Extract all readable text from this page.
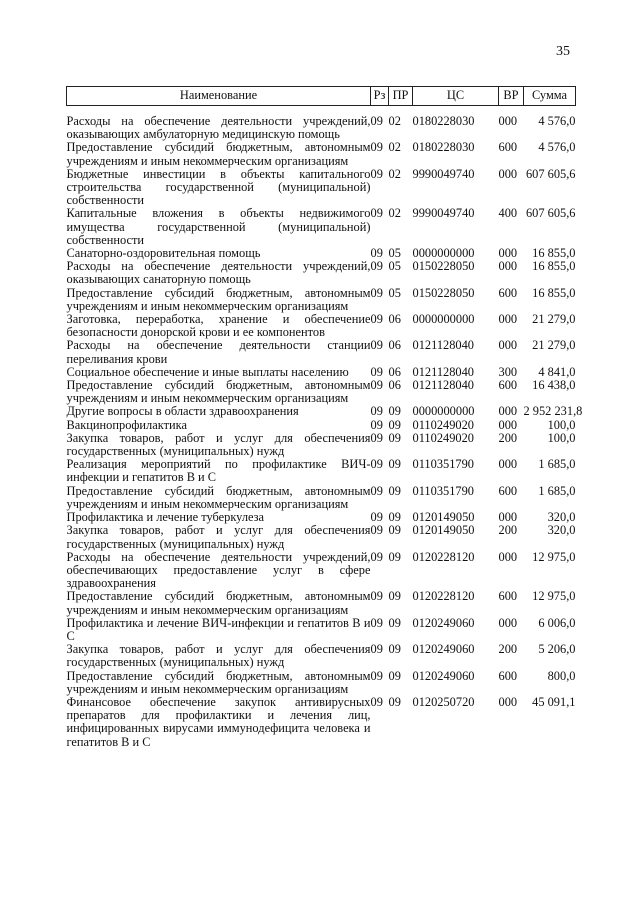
35
Наименование	Рз	ПР	ЦС	ВР	Сумма

Расходы на обеспечение деятельности учреждений, оказывающих амбулаторную медицинскую помощь	09	02	0180228030	000	4 576,0
Предоставление субсидий бюджетным, автономным учреждениям и иным некоммерческим организациям	09	02	0180228030	600	4 576,0
Бюджетные инвестиции в объекты капитального строительства государственной (муниципальной) собственности	09	02	9990049740	000	607 605,6
Капитальные вложения в объекты недвижимого имущества государственной (муниципальной) собственности	09	02	9990049740	400	607 605,6
Санаторно-оздоровительная помощь	09	05	0000000000	000	16 855,0
Расходы на обеспечение деятельности учреждений, оказывающих санаторную помощь	09	05	0150228050	000	16 855,0
Предоставление субсидий бюджетным, автономным учреждениям и иным некоммерческим организациям	09	05	0150228050	600	16 855,0
Заготовка, переработка, хранение и обеспечение безопасности донорской крови и ее компонентов	09	06	0000000000	000	21 279,0
Расходы на обеспечение деятельности станции переливания крови	09	06	0121128040	000	21 279,0
Социальное обеспечение и иные выплаты населению	09	06	0121128040	300	4 841,0
Предоставление субсидий бюджетным, автономным учреждениям и иным некоммерческим организациям	09	06	0121128040	600	16 438,0
Другие вопросы в области здравоохранения	09	09	0000000000	000	2 952 231,8
Вакцинопрофилактика	09	09	0110249020	000	100,0
Закупка товаров, работ и услуг для обеспечения государственных (муниципальных) нужд	09	09	0110249020	200	100,0
Реализация мероприятий по профилактике ВИЧ-инфекции и гепатитов В и С	09	09	0110351790	000	1 685,0
Предоставление субсидий бюджетным, автономным учреждениям и иным некоммерческим организациям	09	09	0110351790	600	1 685,0
Профилактика и лечение туберкулеза	09	09	0120149050	000	320,0
Закупка товаров, работ и услуг для обеспечения государственных (муниципальных) нужд	09	09	0120149050	200	320,0
Расходы на обеспечение деятельности учреждений, обеспечивающих предоставление услуг в сфере здравоохранения	09	09	0120228120	000	12 975,0
Предоставление субсидий бюджетным, автономным учреждениям и иным некоммерческим организациям	09	09	0120228120	600	12 975,0
Профилактика и лечение ВИЧ-инфекции и гепатитов В и С	09	09	0120249060	000	6 006,0
Закупка товаров, работ и услуг для обеспечения государственных (муниципальных) нужд	09	09	0120249060	200	5 206,0
Предоставление субсидий бюджетным, автономным учреждениям и иным некоммерческим организациям	09	09	0120249060	600	800,0
Финансовое обеспечение закупок антивирусных препаратов для профилактики и лечения лиц, инфицированных вирусами иммунодефицита человека и гепатитов В и С	09	09	0120250720	000	45 091,1
